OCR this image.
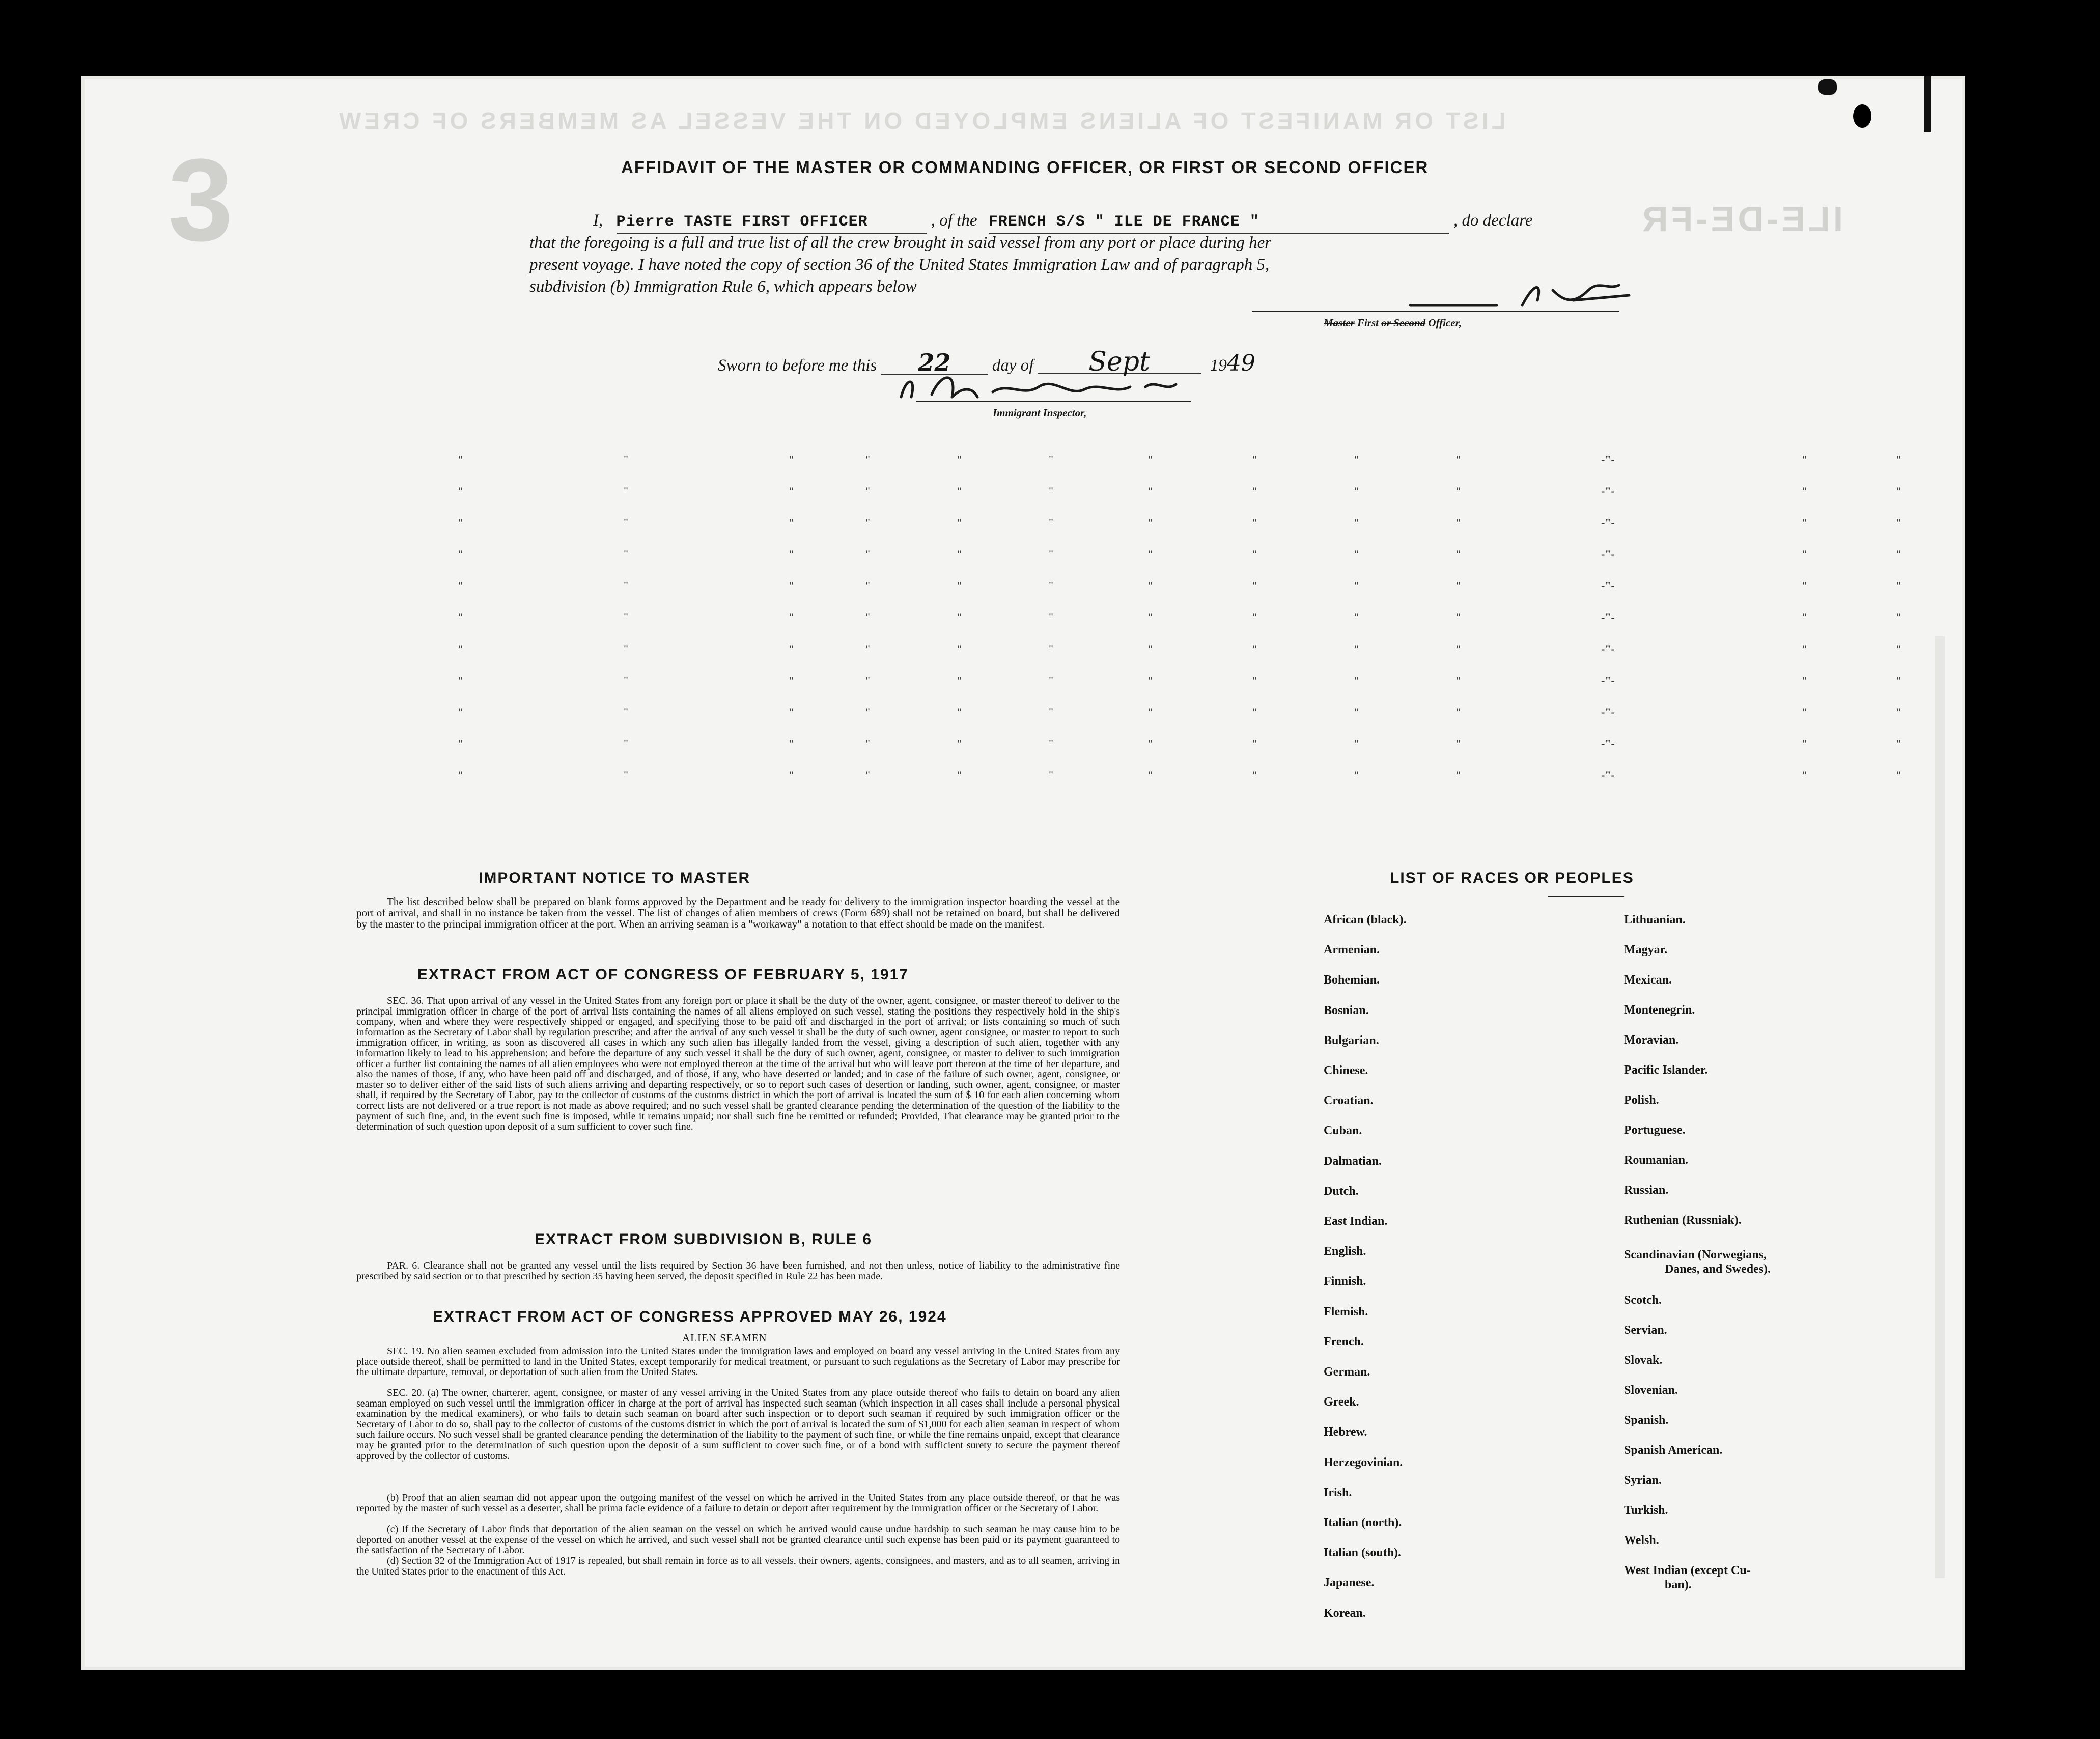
LIST OR MANIFEST OF ALIENS EMPLOYED ON THE VESSEL AS MEMBERS OF CREW
ILE-DE-FR
3	AFFIDAVIT OF THE MASTER OR COMMANDING OFFICER, OR FIRST OR SECOND OFFICER
I, Pierre TASTE FIRST OFFICER	, of the FRENCH S/S " ILE DE FRANCE "	, do declare
that the foregoing is a full and true list of all the crew brought in said vessel from any port or place during her
present voyage. I have noted the copy of section 36 of the United States Immigration Law and of paragraph 5,
subdivision (b) Immigration Rule 6, which appears below
Master First or Second Officer,
Sworn to before me this 22 day of Sept	1949
Immigrant Inspector,
"	"	"	"	"	"	"	"	"	"	-"-	"	"
"	"	"	"	"	"	"	"	"	"	-"-	"	"
"	"	"	"	"	"	"	"	"	"	-"-	"	"
"	"	"	"	"	"	"	"	"	"	-"-	"	"
"	"	"	"	"	"	"	"	"	"	-"-	"	"
"	"	"	"	"	"	"	"	"	"	-"-	"	"
"	"	"	"	"	"	"	"	"	"	-"-	"	"
"	"	"	"	"	"	"	"	"	"	-"-	"	"
"	"	"	"	"	"	"	"	"	"	-"-	"	"
"	"	"	"	"	"	"	"	"	"	-"-	"	"
"	"	"	"	"	"	"	"	"	"	-"-	"	"
IMPORTANT NOTICE TO MASTER
The list described below shall be prepared on blank forms approved by the Department and be ready for delivery to the immigration inspector boarding the vessel at the port of arrival, and shall in no instance be taken from the vessel. The list of changes of alien members of crews (Form 689) shall not be retained on board, but shall be delivered by the master to the principal immigration officer at the port. When an arriving seaman is a "workaway" a notation to that effect should be made on the manifest.
EXTRACT FROM ACT OF CONGRESS OF FEBRUARY 5, 1917
SEC. 36. That upon arrival of any vessel in the United States from any foreign port or place it shall be the duty of the owner, agent, consignee, or master thereof to deliver to the principal immigration officer in charge of the port of arrival lists containing the names of all aliens employed on such vessel, stating the positions they respectively hold in the ship's company, when and where they were respectively shipped or engaged, and specifying those to be paid off and discharged in the port of arrival; or lists containing so much of such information as the Secretary of Labor shall by regulation prescribe; and after the arrival of any such vessel it shall be the duty of such owner, agent consignee, or master to report to such immigration officer, in writing, as soon as discovered all cases in which any such alien has illegally landed from the vessel, giving a description of such alien, together with any information likely to lead to his apprehension; and before the departure of any such vessel it shall be the duty of such owner, agent, consignee, or master to deliver to such immigration officer a further list containing the names of all alien employees who were not employed thereon at the time of the arrival but who will leave port thereon at the time of her departure, and also the names of those, if any, who have been paid off and discharged, and of those, if any, who have deserted or landed; and in case of the failure of such owner, agent, consignee, or master so to deliver either of the said lists of such aliens arriving and departing respectively, or so to report such cases of desertion or landing, such owner, agent, consignee, or master shall, if required by the Secretary of Labor, pay to the collector of customs of the customs district in which the port of arrival is located the sum of $ 10 for each alien concerning whom correct lists are not delivered or a true report is not made as above required; and no such vessel shall be granted clearance pending the determination of the question of the liability to the payment of such fine, and, in the event such fine is imposed, while it remains unpaid; nor shall such fine be remitted or refunded; Provided, That clearance may be granted prior to the determination of such question upon deposit of a sum sufficient to cover such fine.
EXTRACT FROM SUBDIVISION B, RULE 6
PAR. 6. Clearance shall not be granted any vessel until the lists required by Section 36 have been furnished, and not then unless, notice of liability to the administrative fine prescribed by said section or to that prescribed by section 35 having been served, the deposit specified in Rule 22 has been made.
EXTRACT FROM ACT OF CONGRESS APPROVED MAY 26, 1924
ALIEN SEAMEN
SEC. 19. No alien seamen excluded from admission into the United States under the immigration laws and employed on board any vessel arriving in the United States from any place outside thereof, shall be permitted to land in the United States, except temporarily for medical treatment, or pursuant to such regulations as the Secretary of Labor may prescribe for the ultimate departure, removal, or deportation of such alien from the United States.
SEC. 20. (a) The owner, charterer, agent, consignee, or master of any vessel arriving in the United States from any place outside thereof who fails to detain on board any alien seaman employed on such vessel until the immigration officer in charge at the port of arrival has inspected such seaman (which inspection in all cases shall include a personal physical examination by the medical examiners), or who fails to detain such seaman on board after such inspection or to deport such seaman if required by such immigration officer or the Secretary of Labor to do so, shall pay to the collector of customs of the customs district in which the port of arrival is located the sum of $1,000 for each alien seaman in respect of whom such failure occurs. No such vessel shall be granted clearance pending the determination of the liability to the payment of such fine, or while the fine remains unpaid, except that clearance may be granted prior to the determination of such question upon the deposit of a sum sufficient to cover such fine, or of a bond with sufficient surety to secure the payment thereof approved by the collector of customs.
(b) Proof that an alien seaman did not appear upon the outgoing manifest of the vessel on which he arrived in the United States from any place outside thereof, or that he was reported by the master of such vessel as a deserter, shall be prima facie evidence of a failure to detain or deport after requirement by the immigration officer or the Secretary of Labor.
(c) If the Secretary of Labor finds that deportation of the alien seaman on the vessel on which he arrived would cause undue hardship to such seaman he may cause him to be deported on another vessel at the expense of the vessel on which he arrived, and such vessel shall not be granted clearance until such expense has been paid or its payment guaranteed to the satisfaction of the Secretary of Labor.
(d) Section 32 of the Immigration Act of 1917 is repealed, but shall remain in force as to all vessels, their owners, agents, consignees, and masters, and as to all seamen, arriving in the United States prior to the enactment of this Act.
LIST OF RACES OR PEOPLES
African (black).
Armenian.
Bohemian.
Bosnian.
Bulgarian.
Chinese.
Croatian.
Cuban.
Dalmatian.
Dutch.
East Indian.
English.
Finnish.
Flemish.
French.
German.
Greek.
Hebrew.
Herzegovinian.
Irish.
Italian (north).
Italian (south).
Japanese.
Korean.
Lithuanian.
Magyar.
Mexican.
Montenegrin.
Moravian.
Pacific Islander.
Polish.
Portuguese.
Roumanian.
Russian.
Ruthenian (Russniak).
Scandinavian (Norwegians,
Danes, and Swedes).
Scotch.
Servian.
Slovak.
Slovenian.
Spanish.
Spanish American.
Syrian.
Turkish.
Welsh.
West Indian (except Cu-
ban).
